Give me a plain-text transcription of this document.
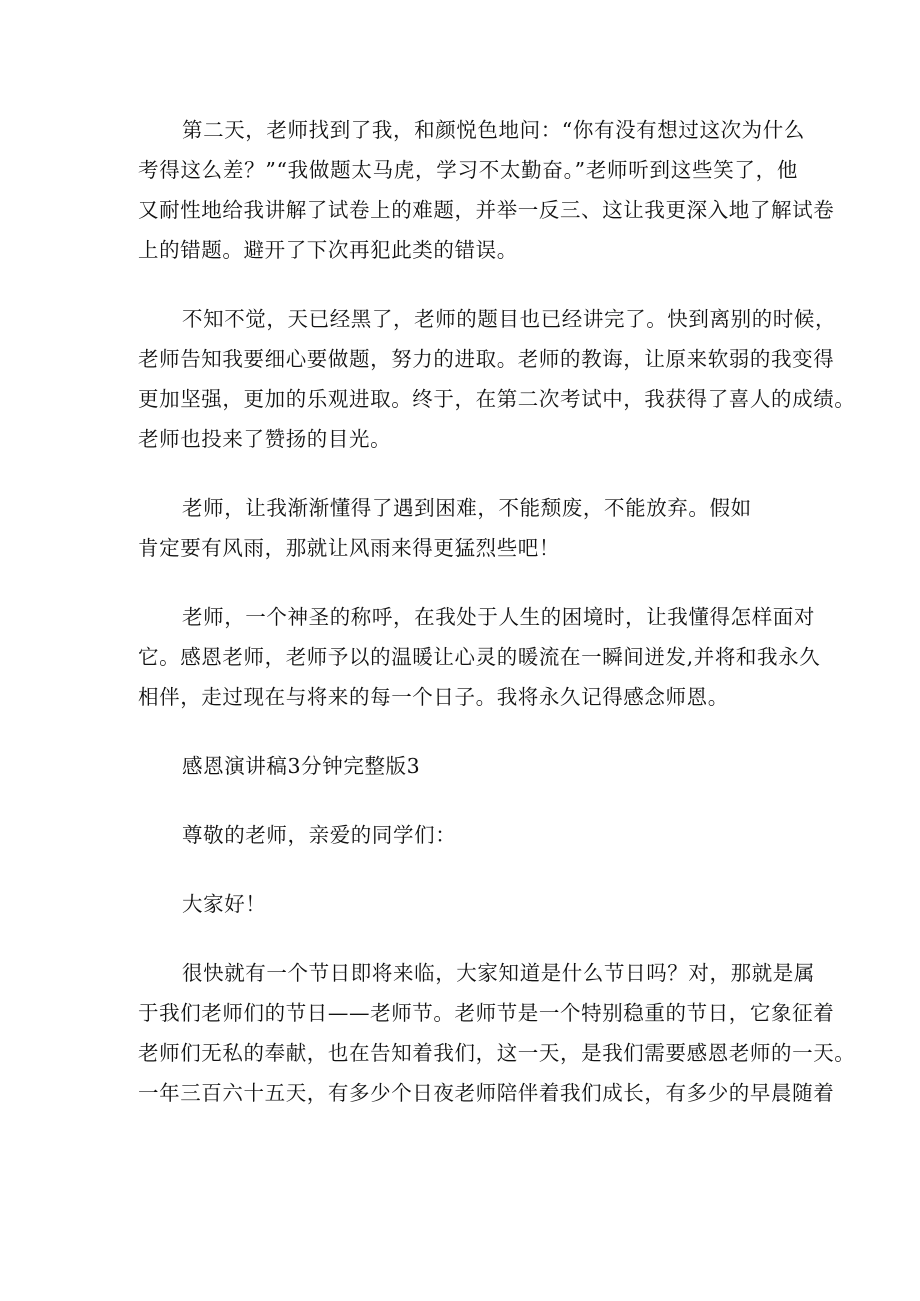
第二天，老师找到了我，和颜悦色地问：“你有没有想过这次为什么
考得这么差？”“我做题太马虎，学习不太勤奋。”老师听到这些笑了，他
又耐性地给我讲解了试卷上的难题，并举一反三、这让我更深入地了解试卷
上的错题。避开了下次再犯此类的错误。
不知不觉，天已经黑了，老师的题目也已经讲完了。快到离别的时候，
老师告知我要细心要做题，努力的进取。老师的教诲，让原来软弱的我变得
更加坚强，更加的乐观进取。终于，在第二次考试中，我获得了喜人的成绩。
老师也投来了赞扬的目光。
老师，让我渐渐懂得了遇到困难，不能颓废，不能放弃。假如
肯定要有风雨，那就让风雨来得更猛烈些吧！
老师，一个神圣的称呼，在我处于人生的困境时，让我懂得怎样面对
它。感恩老师，老师予以的温暖让心灵的暖流在一瞬间迸发,并将和我永久
相伴，走过现在与将来的每一个日子。我将永久记得感念师恩。
感恩演讲稿3分钟完整版3
尊敬的老师，亲爱的同学们：
大家好！
很快就有一个节日即将来临，大家知道是什么节日吗？对，那就是属
于我们老师们的节日——老师节。老师节是一个特别稳重的节日，它象征着
老师们无私的奉献，也在告知着我们，这一天，是我们需要感恩老师的一天。
一年三百六十五天，有多少个日夜老师陪伴着我们成长，有多少的早晨随着
